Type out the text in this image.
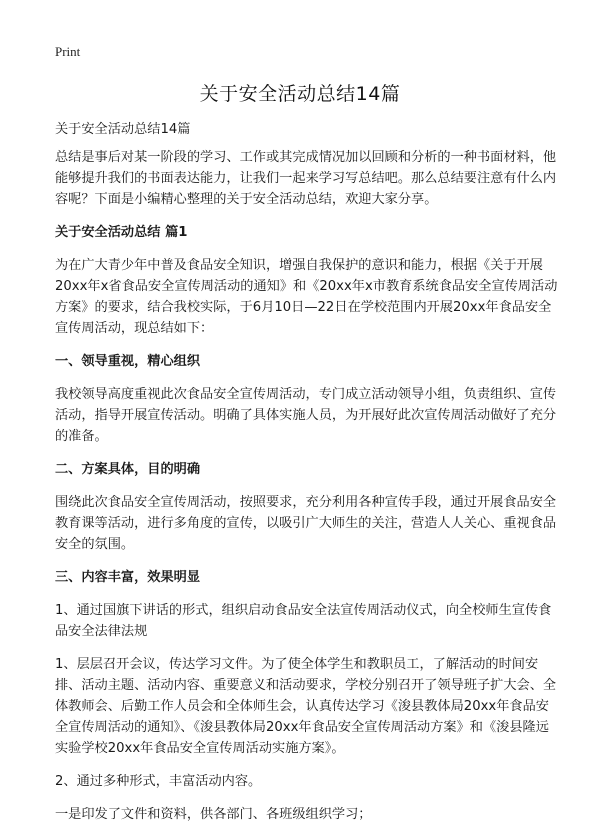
Print
关于安全活动总结14篇

关于安全活动总结14篇

总结是事后对某一阶段的学习、工作或其完成情况加以回顾和分析的一种书面材料，他能够提升我们的书面表达能力，让我们一起来学习写总结吧。那么总结要注意有什么内容呢？下面是小编精心整理的关于安全活动总结，欢迎大家分享。

关于安全活动总结 篇1

为在广大青少年中普及食品安全知识，增强自我保护的意识和能力，根据《关于开展20xx年x省食品安全宣传周活动的通知》和《20xx年x市教育系统食品安全宣传周活动方案》的要求，结合我校实际，于6月10日—22日在学校范围内开展20xx年食品安全宣传周活动，现总结如下：

一、领导重视，精心组织

我校领导高度重视此次食品安全宣传周活动，专门成立活动领导小组，负责组织、宣传活动，指导开展宣传活动。明确了具体实施人员，为开展好此次宣传周活动做好了充分的准备。

二、方案具体，目的明确

围绕此次食品安全宣传周活动，按照要求，充分利用各种宣传手段，通过开展食品安全教育课等活动，进行多角度的宣传，以吸引广大师生的关注，营造人人关心、重视食品安全的氛围。

三、内容丰富，效果明显

1、通过国旗下讲话的形式，组织启动食品安全法宣传周活动仪式，向全校师生宣传食品安全法律法规

1、层层召开会议，传达学习文件。为了使全体学生和教职员工，了解活动的时间安排、活动主题、活动内容、重要意义和活动要求，学校分别召开了领导班子扩大会、全体教师会、后勤工作人员会和全体师生会，认真传达学习《浚县教体局20xx年食品安全宣传周活动的通知》、《浚县教体局20xx年食品安全宣传周活动方案》和《浚县隆远实验学校20xx年食品安全宣传周活动实施方案》。

2、通过多种形式，丰富活动内容。

一是印发了文件和资料，供各部门、各班级组织学习；
